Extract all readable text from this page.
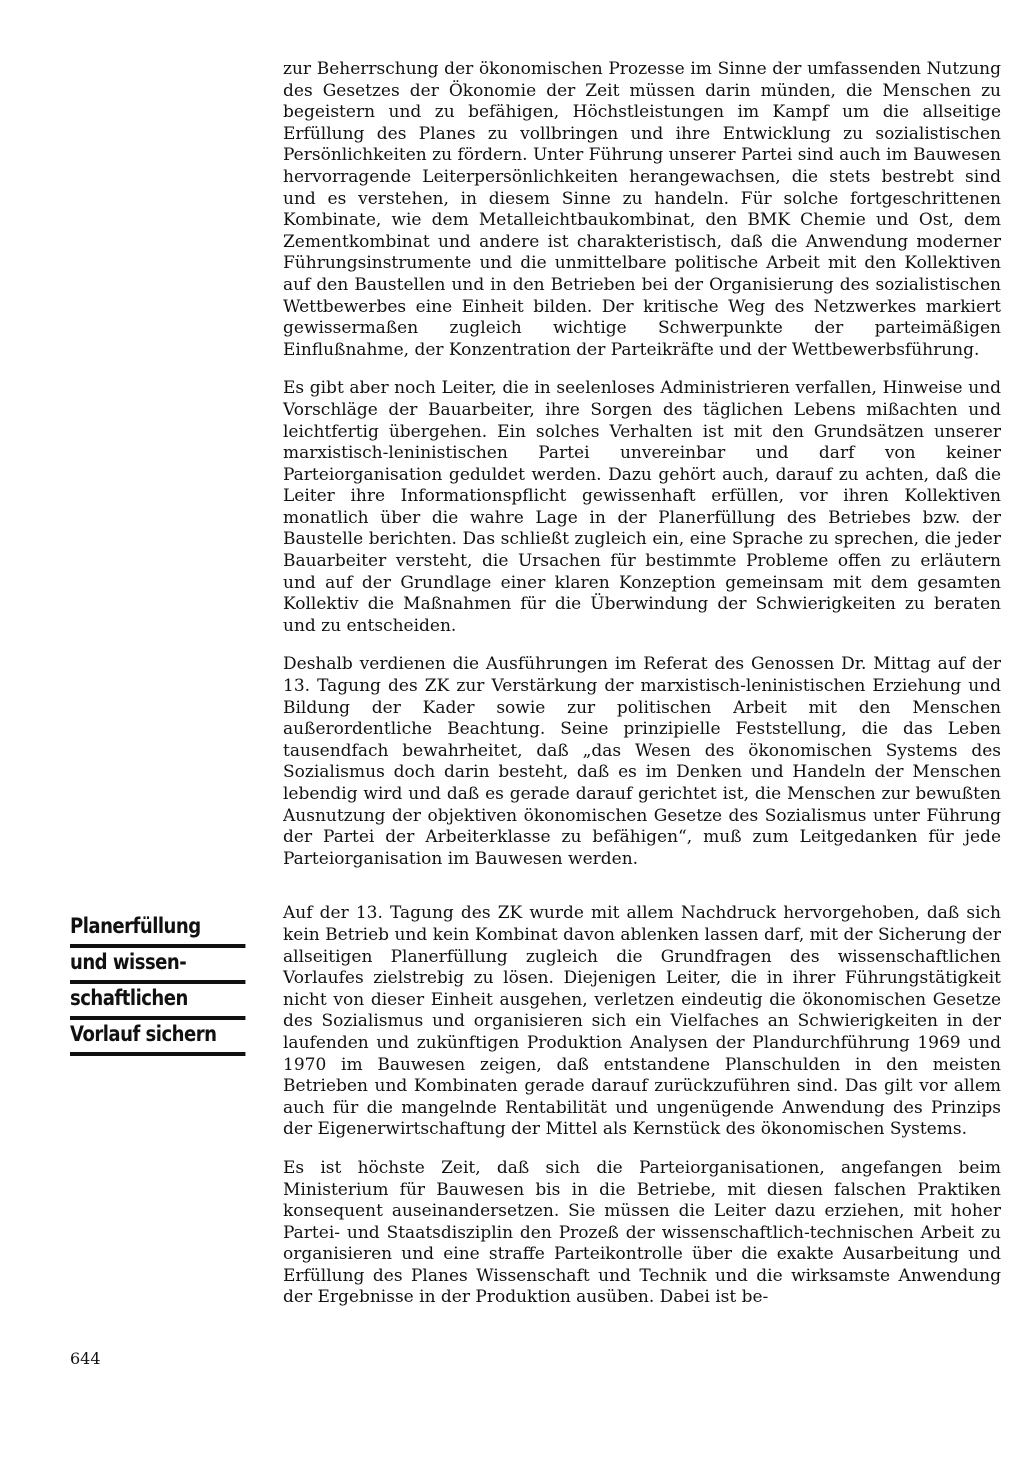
zur Beherrschung der ökonomischen Prozesse im Sinne der umfassenden Nutzung des Gesetzes der Ökonomie der Zeit müssen darin münden, die Menschen zu begeistern und zu befähigen, Höchstleistungen im Kampf um die allseitige Erfüllung des Planes zu vollbringen und ihre Entwicklung zu sozialistischen Persönlichkeiten zu fördern. Unter Führung unserer Partei sind auch im Bauwesen hervorragende Leiterpersönlichkeiten herangewachsen, die stets bestrebt sind und es verstehen, in diesem Sinne zu handeln. Für solche fortgeschrittenen Kombinate, wie dem Metalleichtbaukombinat, den BMK Chemie und Ost, dem Zementkombinat und andere ist charakteristisch, daß die Anwendung moderner Führungsinstrumente und die unmittelbare politische Arbeit mit den Kollektiven auf den Baustellen und in den Betrieben bei der Organisierung des sozialistischen Wettbewerbes eine Einheit bilden. Der kritische Weg des Netzwerkes markiert gewissermaßen zugleich wichtige Schwerpunkte der parteimäßigen Einflußnahme, der Konzentration der Parteikräfte und der Wettbewerbsführung.

Es gibt aber noch Leiter, die in seelenloses Administrieren verfallen, Hinweise und Vorschläge der Bauarbeiter, ihre Sorgen des täglichen Lebens mißachten und leichtfertig übergehen. Ein solches Verhalten ist mit den Grundsätzen unserer marxistisch-leninistischen Partei unvereinbar und darf von keiner Parteiorganisation geduldet werden. Dazu gehört auch, darauf zu achten, daß die Leiter ihre Informationspflicht gewissenhaft erfüllen, vor ihren Kollektiven monatlich über die wahre Lage in der Planerfüllung des Betriebes bzw. der Baustelle berichten. Das schließt zugleich ein, eine Sprache zu sprechen, die jeder Bauarbeiter versteht, die Ursachen für bestimmte Probleme offen zu erläutern und auf der Grundlage einer klaren Konzeption gemeinsam mit dem gesamten Kollektiv die Maßnahmen für die Überwindung der Schwierigkeiten zu beraten und zu entscheiden.

Deshalb verdienen die Ausführungen im Referat des Genossen Dr. Mittag auf der 13. Tagung des ZK zur Verstärkung der marxistisch-leninistischen Erziehung und Bildung der Kader sowie zur politischen Arbeit mit den Menschen außerordentliche Beachtung. Seine prinzipielle Feststellung, die das Leben tausendfach bewahrheitet, daß „das Wesen des ökonomischen Systems des Sozialismus doch darin besteht, daß es im Denken und Handeln der Menschen lebendig wird und daß es gerade darauf gerichtet ist, die Menschen zur bewußten Ausnutzung der objektiven ökonomischen Gesetze des Sozialismus unter Führung der Partei der Arbeiterklasse zu befähigen“, muß zum Leitgedanken für jede Parteiorganisation im Bauwesen werden.

Auf der 13. Tagung des ZK wurde mit allem Nachdruck hervorgehoben, daß sich kein Betrieb und kein Kombinat davon ablenken lassen darf, mit der Sicherung der allseitigen Planerfüllung zugleich die Grundfragen des wissenschaftlichen Vorlaufes zielstrebig zu lösen. Diejenigen Leiter, die in ihrer Führungstätigkeit nicht von dieser Einheit ausgehen, verletzen eindeutig die ökonomischen Gesetze des Sozialismus und organisieren sich ein Vielfaches an Schwierigkeiten in der laufenden und zukünftigen Produktion Analysen der Plandurchführung 1969 und 1970 im Bauwesen zeigen, daß entstandene Planschulden in den meisten Betrieben und Kombinaten gerade darauf zurückzuführen sind. Das gilt vor allem auch für die mangelnde Rentabilität und ungenügende Anwendung des Prinzips der Eigenerwirtschaftung der Mittel als Kernstück des ökonomischen Systems.

Es ist höchste Zeit, daß sich die Parteiorganisationen, angefangen beim Ministerium für Bauwesen bis in die Betriebe, mit diesen falschen Praktiken konsequent auseinandersetzen. Sie müssen die Leiter dazu erziehen, mit hoher Partei- und Staatsdisziplin den Prozeß der wissenschaftlich-technischen Arbeit zu organisieren und eine straffe Parteikontrolle über die exakte Ausarbeitung und Erfüllung des Planes Wissenschaft und Technik und die wirksamste Anwendung der Ergebnisse in der Produktion ausüben. Dabei ist be-

Planerfüllung
und wissen-
schaftlichen
Vorlauf sichern
644
